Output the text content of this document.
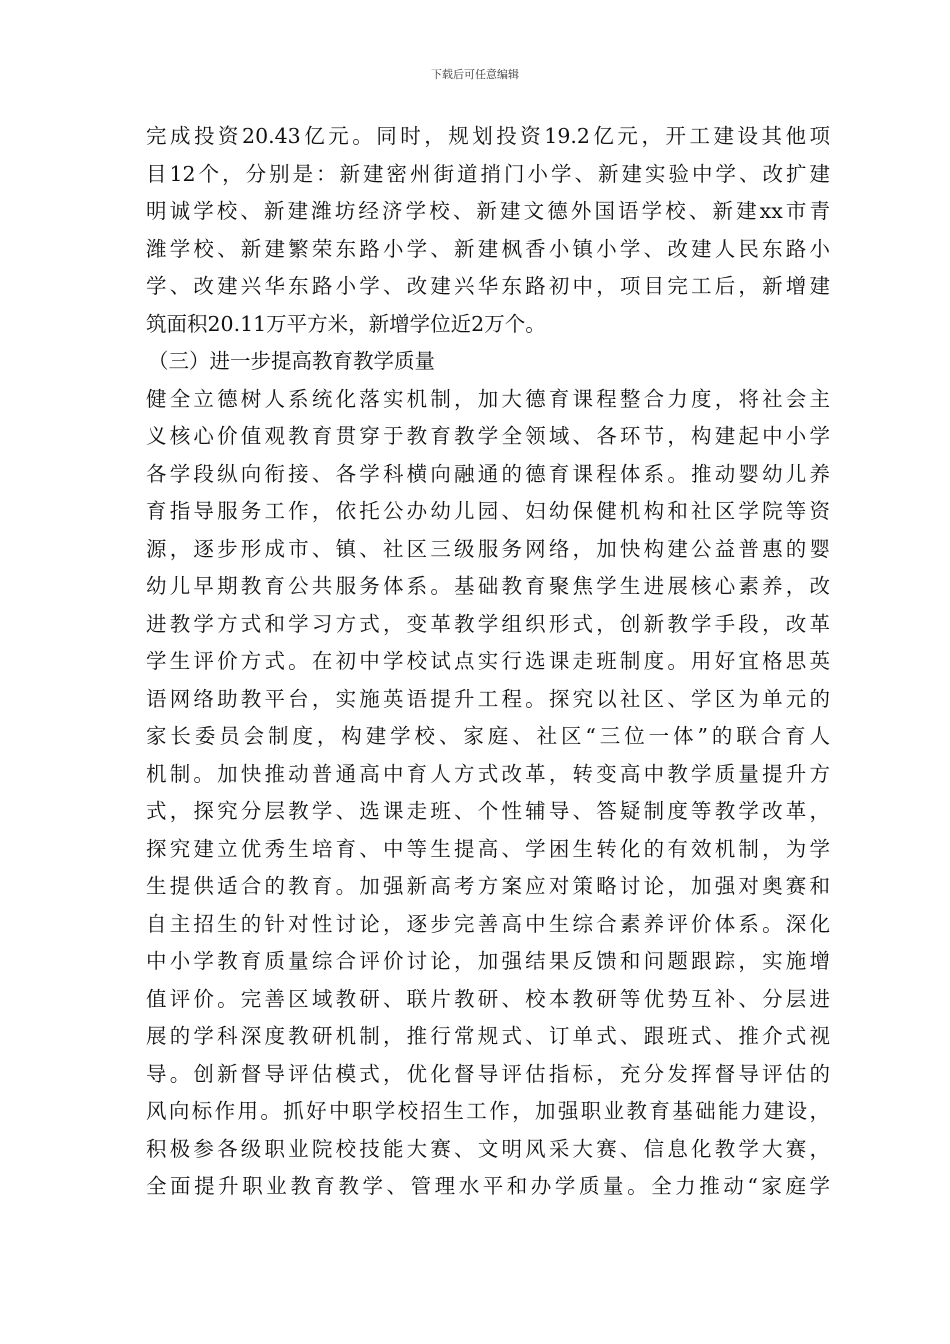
下载后可任意编辑
完成投资20.43亿元。同时，规划投资19.2亿元，开工建设其他项
目12个，分别是：新建密州街道捎门小学、新建实验中学、改扩建
明诚学校、新建潍坊经济学校、新建文德外国语学校、新建xx市青
潍学校、新建繁荣东路小学、新建枫香小镇小学、改建人民东路小
学、改建兴华东路小学、改建兴华东路初中，项目完工后，新增建
筑面积20.11万平方米，新增学位近2万个。
（三）进一步提高教育教学质量
健全立德树人系统化落实机制，加大德育课程整合力度，将社会主
义核心价值观教育贯穿于教育教学全领域、各环节，构建起中小学
各学段纵向衔接、各学科横向融通的德育课程体系。推动婴幼儿养
育指导服务工作，依托公办幼儿园、妇幼保健机构和社区学院等资
源，逐步形成市、镇、社区三级服务网络，加快构建公益普惠的婴
幼儿早期教育公共服务体系。基础教育聚焦学生进展核心素养，改
进教学方式和学习方式，变革教学组织形式，创新教学手段，改革
学生评价方式。在初中学校试点实行选课走班制度。用好宜格思英
语网络助教平台，实施英语提升工程。探究以社区、学区为单元的
家长委员会制度，构建学校、家庭、社区“三位一体”的联合育人
机制。加快推动普通高中育人方式改革，转变高中教学质量提升方
式，探究分层教学、选课走班、个性辅导、答疑制度等教学改革，
探究建立优秀生培育、中等生提高、学困生转化的有效机制，为学
生提供适合的教育。加强新高考方案应对策略讨论，加强对奥赛和
自主招生的针对性讨论，逐步完善高中生综合素养评价体系。深化
中小学教育质量综合评价讨论，加强结果反馈和问题跟踪，实施增
值评价。完善区域教研、联片教研、校本教研等优势互补、分层进
展的学科深度教研机制，推行常规式、订单式、跟班式、推介式视
导。创新督导评估模式，优化督导评估指标，充分发挥督导评估的
风向标作用。抓好中职学校招生工作，加强职业教育基础能力建设，
积极参各级职业院校技能大赛、文明风采大赛、信息化教学大赛，
全面提升职业教育教学、管理水平和办学质量。全力推动“家庭学
